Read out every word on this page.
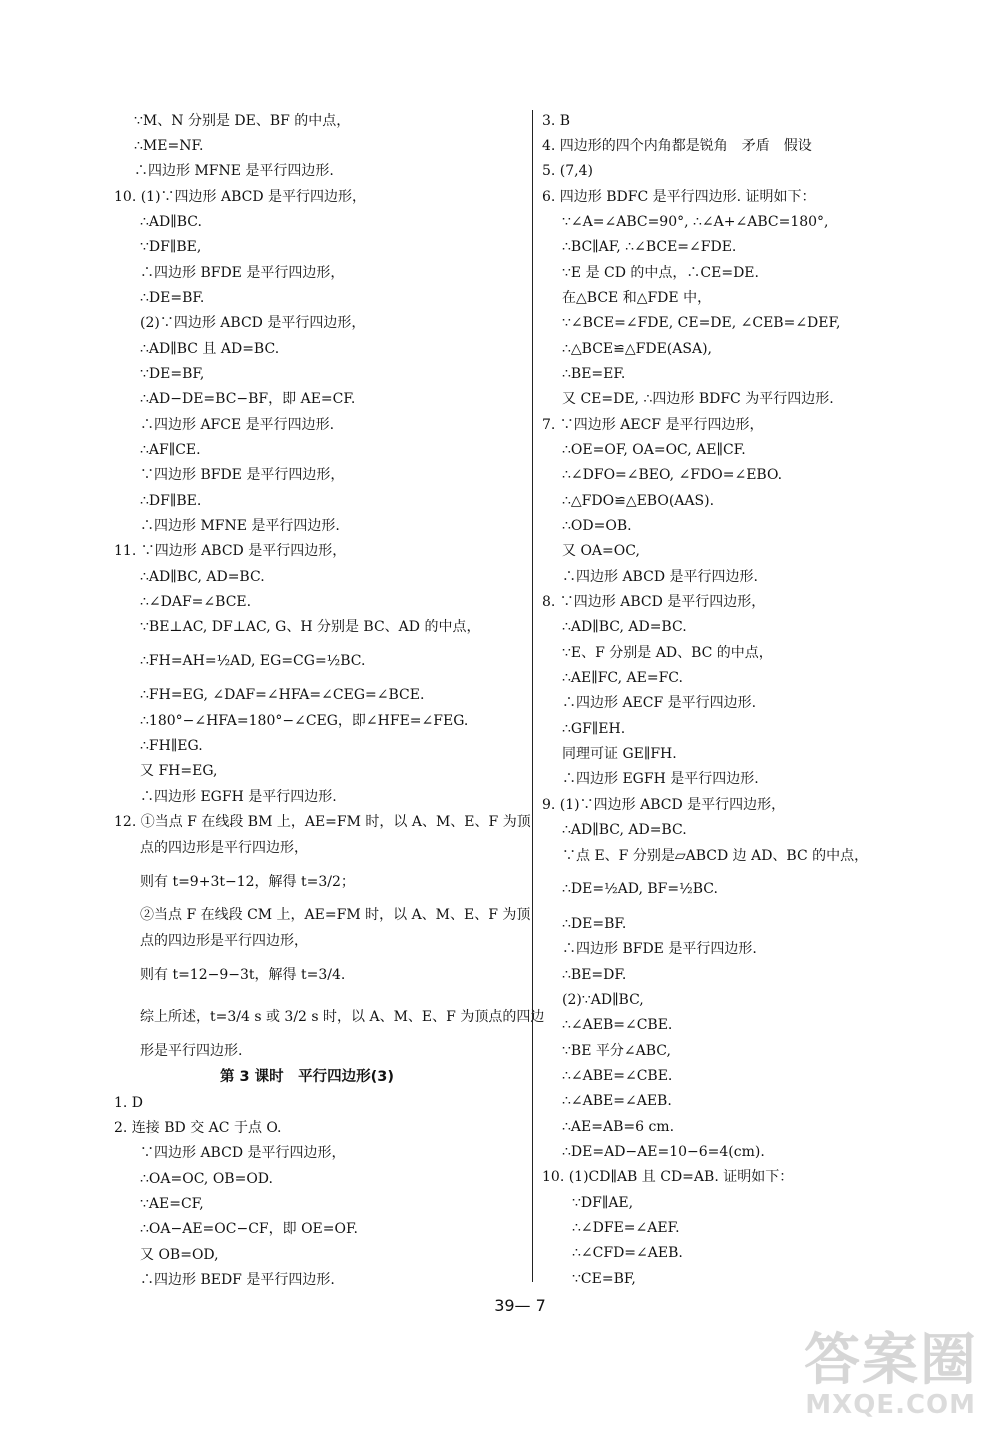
∵M、N 分别是 DE、BF 的中点，
∴ME=NF.
∴四边形 MFNE 是平行四边形.
10. (1)∵四边形 ABCD 是平行四边形，
∴AD∥BC.
∵DF∥BE,
∴四边形 BFDE 是平行四边形，
∴DE=BF.
(2)∵四边形 ABCD 是平行四边形，
∴AD∥BC 且 AD=BC.
∵DE=BF,
∴AD−DE=BC−BF，即 AE=CF.
∴四边形 AFCE 是平行四边形.
∴AF∥CE.
∵四边形 BFDE 是平行四边形，
∴DF∥BE.
∴四边形 MFNE 是平行四边形.
11. ∵四边形 ABCD 是平行四边形，
∴AD∥BC, AD=BC.
∴∠DAF=∠BCE.
∵BE⊥AC, DF⊥AC, G、H 分别是 BC、AD 的中点，
∴FH=AH=½AD, EG=CG=½BC.
∴FH=EG, ∠DAF=∠HFA=∠CEG=∠BCE.
∴180°−∠HFA=180°−∠CEG，即∠HFE=∠FEG.
∴FH∥EG.
又 FH=EG,
∴四边形 EGFH 是平行四边形.
12. ①当点 F 在线段 BM 上，AE=FM 时，以 A、M、E、F 为顶
点的四边形是平行四边形，
则有 t=9+3t−12，解得 t=3/2；
②当点 F 在线段 CM 上，AE=FM 时，以 A、M、E、F 为顶
点的四边形是平行四边形，
则有 t=12−9−3t，解得 t=3/4.
综上所述，t=3/4 s 或 3/2 s 时，以 A、M、E、F 为顶点的四边
形是平行四边形.
第 3 课时　平行四边形(3)
1. D
2. 连接 BD 交 AC 于点 O.
∵四边形 ABCD 是平行四边形，
∴OA=OC, OB=OD.
∵AE=CF,
∴OA−AE=OC−CF，即 OE=OF.
又 OB=OD,
∴四边形 BEDF 是平行四边形.
3. B
4. 四边形的四个内角都是锐角　矛盾　假设
5. (7,4)
6. 四边形 BDFC 是平行四边形. 证明如下：
∵∠A=∠ABC=90°, ∴∠A+∠ABC=180°,
∴BC∥AF, ∴∠BCE=∠FDE.
∵E 是 CD 的中点，∴CE=DE.
在△BCE 和△FDE 中，
∵∠BCE=∠FDE, CE=DE, ∠CEB=∠DEF,
∴△BCE≌△FDE(ASA),
∴BE=EF.
又 CE=DE, ∴四边形 BDFC 为平行四边形.
7. ∵四边形 AECF 是平行四边形，
∴OE=OF, OA=OC, AE∥CF.
∴∠DFO=∠BEO, ∠FDO=∠EBO.
∴△FDO≌△EBO(AAS).
∴OD=OB.
又 OA=OC,
∴四边形 ABCD 是平行四边形.
8. ∵四边形 ABCD 是平行四边形，
∴AD∥BC, AD=BC.
∵E、F 分别是 AD、BC 的中点，
∴AE∥FC, AE=FC.
∴四边形 AECF 是平行四边形.
∴GF∥EH.
同理可证 GE∥FH.
∴四边形 EGFH 是平行四边形.
9. (1)∵四边形 ABCD 是平行四边形，
∴AD∥BC, AD=BC.
∵点 E、F 分别是▱ABCD 边 AD、BC 的中点，
∴DE=½AD, BF=½BC.
∴DE=BF.
∴四边形 BFDE 是平行四边形.
∴BE=DF.
(2)∵AD∥BC,
∴∠AEB=∠CBE.
∵BE 平分∠ABC,
∴∠ABE=∠CBE.
∴∠ABE=∠AEB.
∴AE=AB=6 cm.
∴DE=AD−AE=10−6=4(cm).
10. (1)CD∥AB 且 CD=AB. 证明如下：
∵DF∥AE,
∴∠DFE=∠AEF.
∴∠CFD=∠AEB.
∵CE=BF,
39— 7
答案圈
MXQE.COM
